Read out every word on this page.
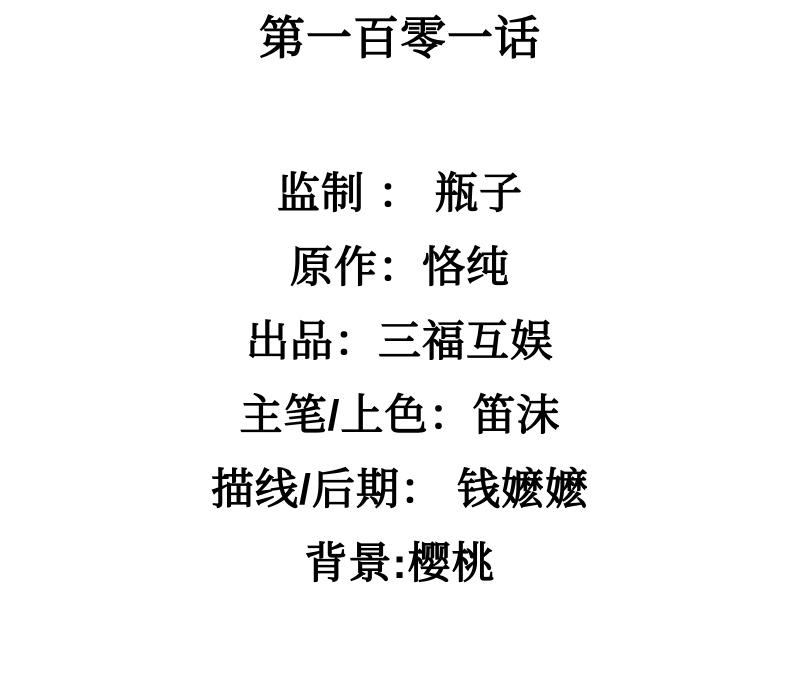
第一百零一话

监制 ： 瓶子

原作：恪纯

出品：三福互娱

主笔/上色：笛沫

描线/后期： 钱嬷嬷

背景:樱桃
